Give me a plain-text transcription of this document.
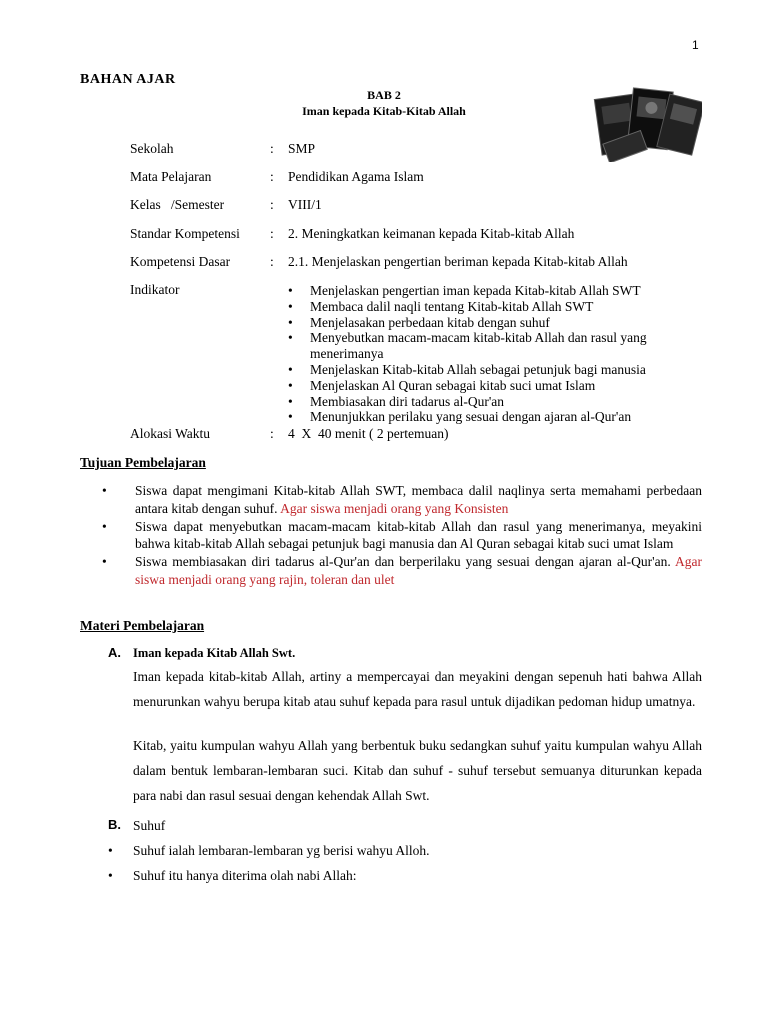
1
BAHAN AJAR
BAB 2
Iman kepada Kitab-Kitab Allah
Sekolah	: SMP
Mata Pelajaran	: Pendidikan Agama Islam
Kelas   /Semester	: VIII/1
Standar Kompetensi : 2. Meningkatkan keimanan kepada Kitab-kitab Allah
Kompetensi Dasar	: 2.1. Menjelaskan pengertian beriman kepada Kitab-kitab Allah
Indikator
•	Menjelaskan pengertian iman kepada Kitab-kitab Allah SWT
• Membaca dalil naqli tentang Kitab-kitab Allah SWT
• Menjelasakan perbedaan kitab dengan suhuf
• Menyebutkan macam-macam kitab-kitab Allah dan rasul yang menerimanya
• Menjelaskan Kitab-kitab Allah sebagai petunjuk bagi manusia
• Menjelaskan Al Quran sebagai kitab suci umat Islam
• Membiasakan diri tadarus al-Qur'an
• Menunjukkan perilaku yang sesuai dengan ajaran al-Qur'an
Alokasi Waktu	: 4  X  40 menit ( 2 pertemuan)
Tujuan Pembelajaran
• Siswa dapat mengimani Kitab-kitab Allah SWT, membaca dalil naqlinya serta memahami perbedaan antara kitab dengan suhuf. Agar siswa menjadi orang yang Konsisten
• Siswa dapat menyebutkan macam-macam kitab-kitab Allah dan rasul yang menerimanya, meyakini bahwa kitab-kitab Allah sebagai petunjuk bagi manusia dan Al Quran sebagai kitab suci umat Islam
• Siswa membiasakan diri tadarus al-Qur'an dan berperilaku yang sesuai dengan ajaran al-Qur'an. Agar siswa menjadi orang yang rajin, toleran dan ulet
Materi Pembelajaran
A. Iman kepada Kitab Allah Swt.

Iman kepada kitab-kitab Allah, artiny a mempercayai dan meyakini dengan sepenuh hati bahwa Allah menurunkan wahyu berupa kitab atau suhuf kepada para rasul untuk dijadikan pedoman hidup umatnya.

Kitab, yaitu kumpulan wahyu Allah yang berbentuk buku sedangkan suhuf yaitu kumpulan wahyu Allah dalam bentuk lembaran-lembaran suci. Kitab dan suhuf - suhuf tersebut semuanya diturunkan kepada para nabi dan rasul sesuai dengan kehendak Allah Swt.

B. Suhuf
• Suhuf ialah lembaran-lembaran yg berisi wahyu Alloh.
• Suhuf itu hanya diterima olah nabi Allah:
